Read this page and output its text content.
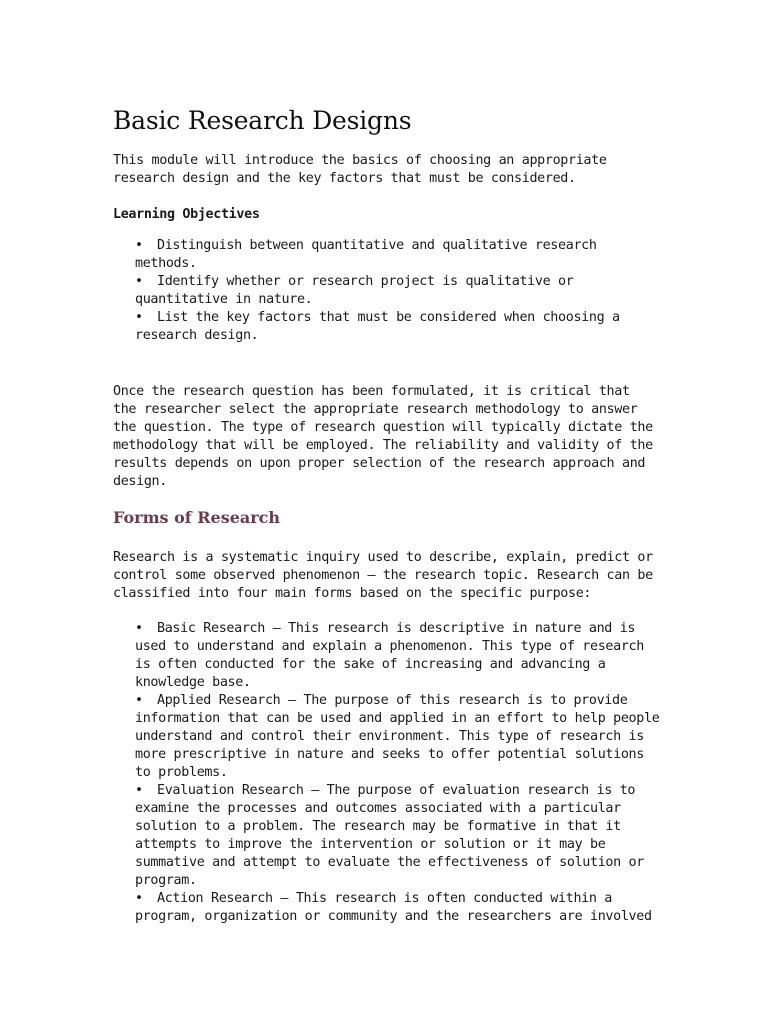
Basic Research Designs

This module will introduce the basics of choosing an appropriate research design and the key factors that must be considered.

Learning Objectives

• Distinguish between quantitative and qualitative research methods.
• Identify whether or research project is qualitative or quantitative in nature.
• List the key factors that must be considered when choosing a research design.

Once the research question has been formulated, it is critical that the researcher select the appropriate research methodology to answer the question. The type of research question will typically dictate the methodology that will be employed. The reliability and validity of the results depends on upon proper selection of the research approach and design.

Forms of Research

Research is a systematic inquiry used to describe, explain, predict or control some observed phenomenon – the research topic. Research can be classified into four main forms based on the specific purpose:

• Basic Research – This research is descriptive in nature and is used to understand and explain a phenomenon. This type of research is often conducted for the sake of increasing and advancing a knowledge base.
• Applied Research – The purpose of this research is to provide information that can be used and applied in an effort to help people understand and control their environment. This type of research is more prescriptive in nature and seeks to offer potential solutions to problems.
• Evaluation Research – The purpose of evaluation research is to examine the processes and outcomes associated with a particular solution to a problem. The research may be formative in that it attempts to improve the intervention or solution or it may be summative and attempt to evaluate the effectiveness of solution or program.
• Action Research – This research is often conducted within a program, organization or community and the researchers are involved
